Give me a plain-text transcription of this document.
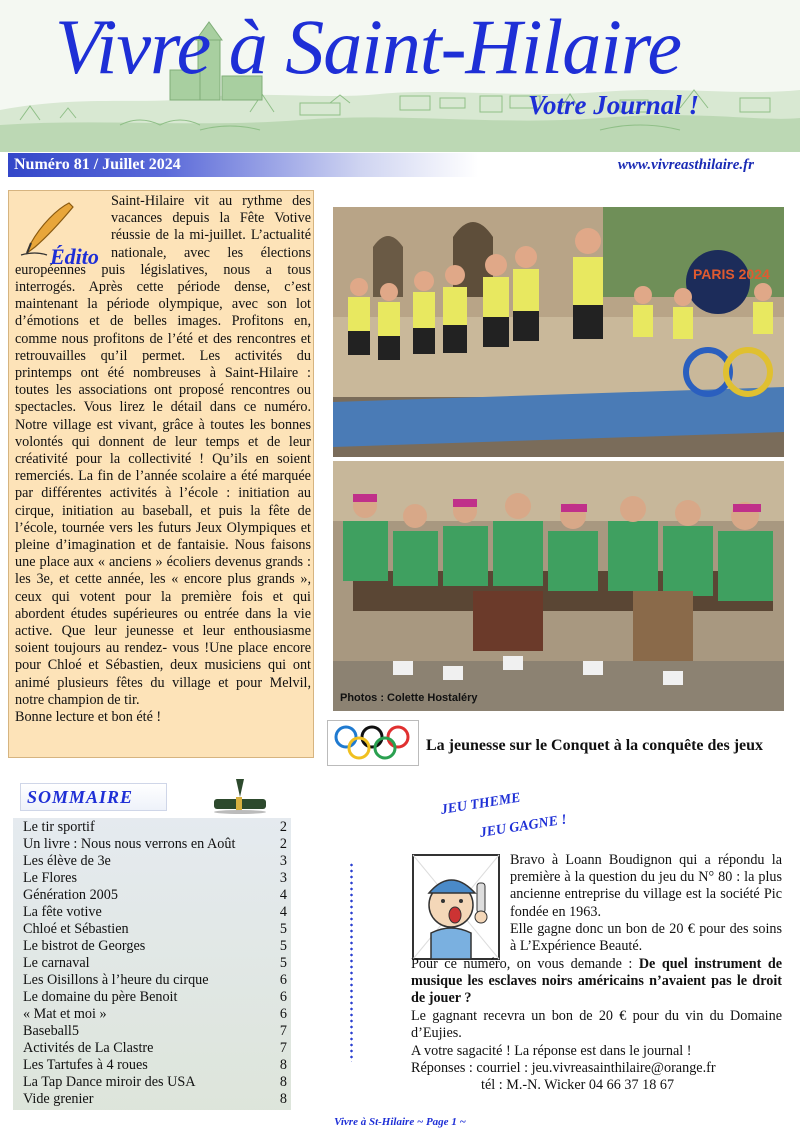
Vivre à Saint-Hilaire
Votre Journal !
Numéro 81 / Juillet 2024	www.vivreasthilaire.fr

Saint-Hilaire vit au rythme des vacances depuis la Fête Votive réussie de la mi-juillet. L’actualité nationale, avec les élections européennes puis législatives, nous a tous interrogés. Après cette période dense, c’est maintenant la période olympique, avec son lot d’émotions et de belles images. Profitons en, comme nous profitons de l’été et des rencontres et retrouvailles qu’il permet. Les activités du printemps ont été nombreuses à Saint-Hilaire : toutes les associations ont proposé rencontres ou spectacles. Vous lirez le détail dans ce numéro. Notre village est vivant, grâce à toutes les bonnes volontés qui donnent de leur temps et de leur créativité pour la collectivité ! Qu’ils en soient remerciés. La fin de l’année scolaire a été marquée par différentes activités à l’école : initiation au cirque, initiation au baseball, et puis la fête de l’école, tournée vers les futurs Jeux Olympiques et pleine d’imagination et de fantaisie. Nous faisons une place aux « anciens » écoliers devenus grands : les 3e, et cette année, les « encore plus grands », ceux qui votent pour la première fois et qui abordent études supérieures ou entrée dans la vie active. Que leur jeunesse et leur enthousiasme soient toujours au rendez- vous !Une place encore pour Chloé et Sébastien, deux musiciens qui ont animé plusieurs fêtes du village et pour Melvil, notre champion de tir.

Bonne lecture et bon été !

Édito
PARIS 2024
Photos : Colette Hostaléry
La jeunesse sur le Conquet à la conquête des jeux
SOMMAIRE
Le tir sportif	2
Un livre : Nous nous verrons en Août	2
Les élève de 3e	3
Le Flores	3
Génération 2005	4
La fête votive	4
Chloé et Sébastien	5
Le bistrot de Georges	5
Le carnaval	5
Les Oisillons à l’heure du cirque	6
Le domaine du père Benoit	6
« Mat et moi »	6
Baseball5	7
Activités de La Clastre	7
Les Tartufes à 4 roues	8
La Tap Dance miroir des USA	8
Vide grenier	8
JEU THEME
JEU GAGNE !
Bravo à Loann Boudignon qui a répondu la première à la question du jeu du N° 80 : la plus ancienne entreprise du village est la société Pic fondée en 1963.
Elle gagne donc un bon de 20 € pour des soins à L’Expérience Beauté.
Pour ce numéro, on vous demande : De quel instrument de musique les esclaves noirs américains n’avaient pas le droit de jouer ?
Le gagnant recevra un bon de 20 € pour du vin du Domaine d’Eujies.
A votre sagacité ! La réponse est dans le journal !
Réponses : courriel : jeu.vivreasainthilaire@orange.fr
tél : M.-N. Wicker 04 66 37 18 67
Vivre à St-Hilaire ~ Page 1 ~
